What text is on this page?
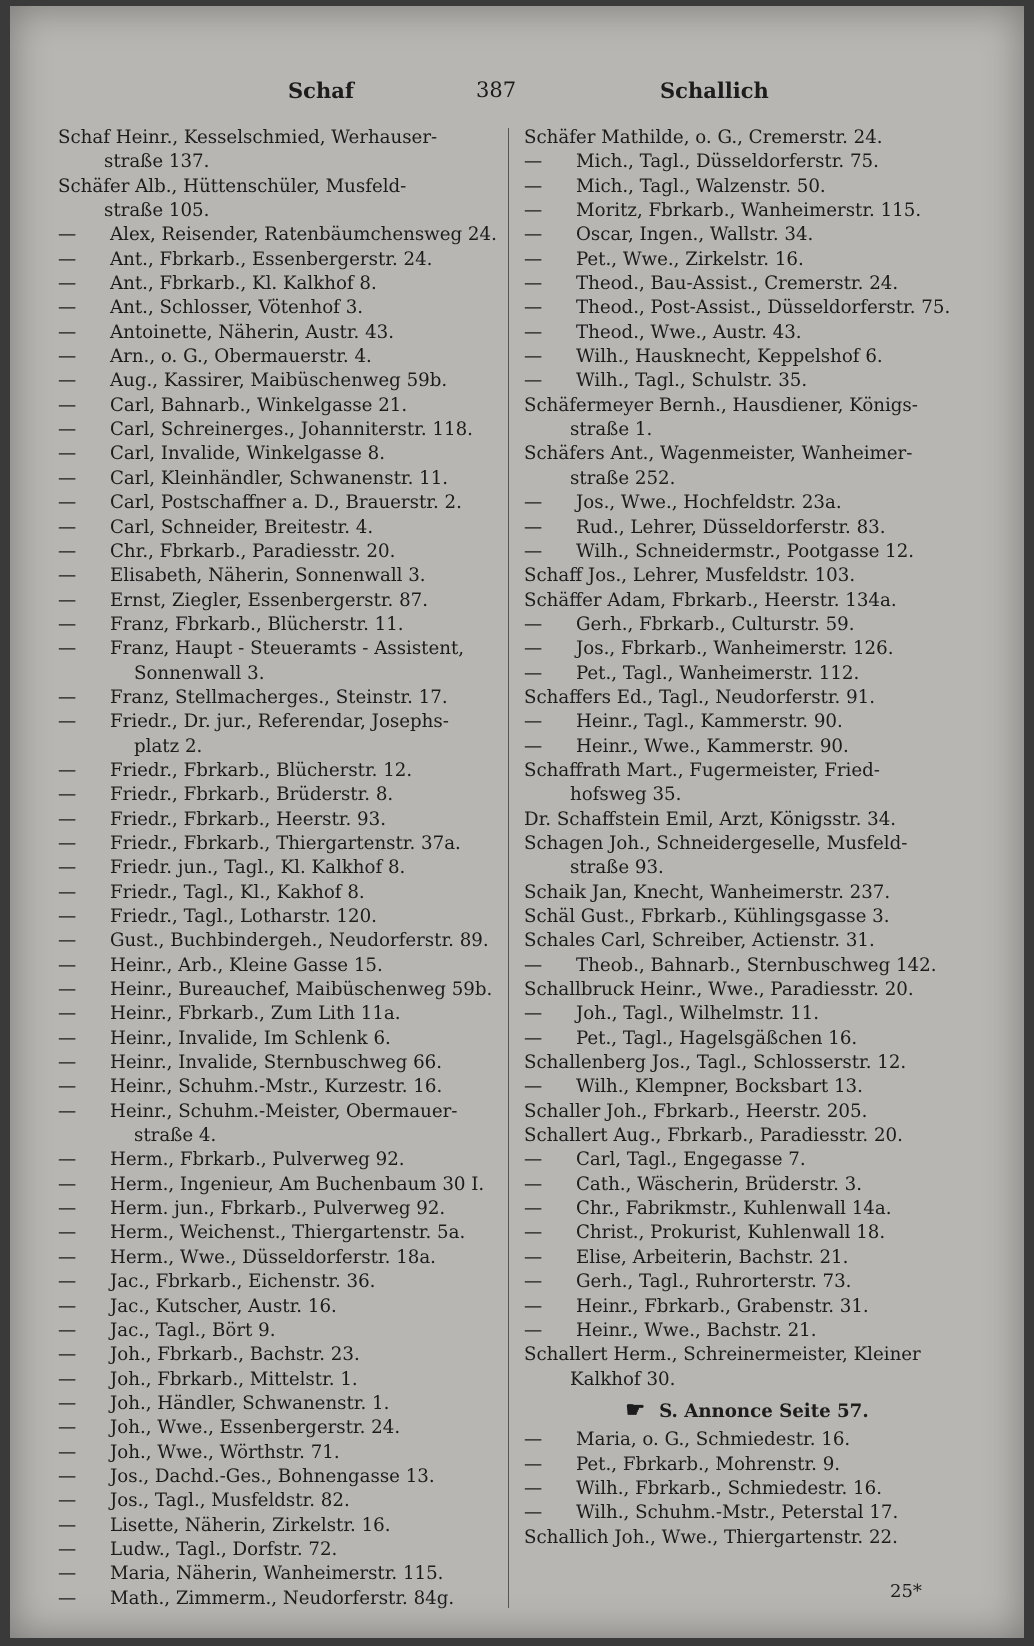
Schaf	387	Schallich
Schaf Heinr., Kesselschmied, Werhauser-
straße 137.
Schäfer Alb., Hüttenschüler, Musfeld-
straße 105.
— Alex, Reisender, Ratenbäumchensweg 24.
— Ant., Fbrkarb., Essenbergerstr. 24.
— Ant., Fbrkarb., Kl. Kalkhof 8.
— Ant., Schlosser, Vötenhof 3.
— Antoinette, Näherin, Austr. 43.
— Arn., o. G., Obermauerstr. 4.
— Aug., Kassirer, Maibüschenweg 59b.
— Carl, Bahnarb., Winkelgasse 21.
— Carl, Schreinerges., Johanniterstr. 118.
— Carl, Invalide, Winkelgasse 8.
— Carl, Kleinhändler, Schwanenstr. 11.
— Carl, Postschaffner a. D., Brauerstr. 2.
— Carl, Schneider, Breitestr. 4.
— Chr., Fbrkarb., Paradiesstr. 20.
— Elisabeth, Näherin, Sonnenwall 3.
— Ernst, Ziegler, Essenbergerstr. 87.
— Franz, Fbrkarb., Blücherstr. 11.
— Franz, Haupt - Steueramts - Assistent,
Sonnenwall 3.
— Franz, Stellmacherges., Steinstr. 17.
— Friedr., Dr. jur., Referendar, Josephs-
platz 2.
— Friedr., Fbrkarb., Blücherstr. 12.
— Friedr., Fbrkarb., Brüderstr. 8.
— Friedr., Fbrkarb., Heerstr. 93.
— Friedr., Fbrkarb., Thiergartenstr. 37a.
— Friedr. jun., Tagl., Kl. Kalkhof 8.
— Friedr., Tagl., Kl., Kakhof 8.
— Friedr., Tagl., Lotharstr. 120.
— Gust., Buchbindergeh., Neudorferstr. 89.
— Heinr., Arb., Kleine Gasse 15.
— Heinr., Bureauchef, Maibüschenweg 59b.
— Heinr., Fbrkarb., Zum Lith 11a.
— Heinr., Invalide, Im Schlenk 6.
— Heinr., Invalide, Sternbuschweg 66.
— Heinr., Schuhm.-Mstr., Kurzestr. 16.
— Heinr., Schuhm.-Meister, Obermauer-
straße 4.
— Herm., Fbrkarb., Pulverweg 92.
— Herm., Ingenieur, Am Buchenbaum 30 I.
— Herm. jun., Fbrkarb., Pulverweg 92.
— Herm., Weichenst., Thiergartenstr. 5a.
— Herm., Wwe., Düsseldorferstr. 18a.
— Jac., Fbrkarb., Eichenstr. 36.
— Jac., Kutscher, Austr. 16.
— Jac., Tagl., Bört 9.
— Joh., Fbrkarb., Bachstr. 23.
— Joh., Fbrkarb., Mittelstr. 1.
— Joh., Händler, Schwanenstr. 1.
— Joh., Wwe., Essenbergerstr. 24.
— Joh., Wwe., Wörthstr. 71.
— Jos., Dachd.-Ges., Bohnengasse 13.
— Jos., Tagl., Musfeldstr. 82.
— Lisette, Näherin, Zirkelstr. 16.
— Ludw., Tagl., Dorfstr. 72.
— Maria, Näherin, Wanheimerstr. 115.
— Math., Zimmerm., Neudorferstr. 84g.
Schäfer Mathilde, o. G., Cremerstr. 24.
— Mich., Tagl., Düsseldorferstr. 75.
— Mich., Tagl., Walzenstr. 50.
— Moritz, Fbrkarb., Wanheimerstr. 115.
— Oscar, Ingen., Wallstr. 34.
— Pet., Wwe., Zirkelstr. 16.
— Theod., Bau-Assist., Cremerstr. 24.
— Theod., Post-Assist., Düsseldorferstr. 75.
— Theod., Wwe., Austr. 43.
— Wilh., Hausknecht, Keppelshof 6.
— Wilh., Tagl., Schulstr. 35.
Schäfermeyer Bernh., Hausdiener, Königs-
straße 1.
Schäfers Ant., Wagenmeister, Wanheimer-
straße 252.
— Jos., Wwe., Hochfeldstr. 23a.
— Rud., Lehrer, Düsseldorferstr. 83.
— Wilh., Schneidermstr., Pootgasse 12.
Schaff Jos., Lehrer, Musfeldstr. 103.
Schäffer Adam, Fbrkarb., Heerstr. 134a.
— Gerh., Fbrkarb., Culturstr. 59.
— Jos., Fbrkarb., Wanheimerstr. 126.
— Pet., Tagl., Wanheimerstr. 112.
Schaffers Ed., Tagl., Neudorferstr. 91.
— Heinr., Tagl., Kammerstr. 90.
— Heinr., Wwe., Kammerstr. 90.
Schaffrath Mart., Fugermeister, Fried-
hofsweg 35.
Dr. Schaffstein Emil, Arzt, Königsstr. 34.
Schagen Joh., Schneidergeselle, Musfeld-
straße 93.
Schaik Jan, Knecht, Wanheimerstr. 237.
Schäl Gust., Fbrkarb., Kühlingsgasse 3.
Schales Carl, Schreiber, Actienstr. 31.
— Theob., Bahnarb., Sternbuschweg 142.
Schallbruck Heinr., Wwe., Paradiesstr. 20.
— Joh., Tagl., Wilhelmstr. 11.
— Pet., Tagl., Hagelsgäßchen 16.
Schallenberg Jos., Tagl., Schlosserstr. 12.
— Wilh., Klempner, Bocksbart 13.
Schaller Joh., Fbrkarb., Heerstr. 205.
Schallert Aug., Fbrkarb., Paradiesstr. 20.
— Carl, Tagl., Engegasse 7.
— Cath., Wäscherin, Brüderstr. 3.
— Chr., Fabrikmstr., Kuhlenwall 14a.
— Christ., Prokurist, Kuhlenwall 18.
— Elise, Arbeiterin, Bachstr. 21.
— Gerh., Tagl., Ruhrorterstr. 73.
— Heinr., Fbrkarb., Grabenstr. 31.
— Heinr., Wwe., Bachstr. 21.
Schallert Herm., Schreinermeister, Kleiner
Kalkhof 30.
☛ S. Annonce Seite 57.
— Maria, o. G., Schmiedestr. 16.
— Pet., Fbrkarb., Mohrenstr. 9.
— Wilh., Fbrkarb., Schmiedestr. 16.
— Wilh., Schuhm.-Mstr., Peterstal 17.
Schallich Joh., Wwe., Thiergartenstr. 22.
25*
